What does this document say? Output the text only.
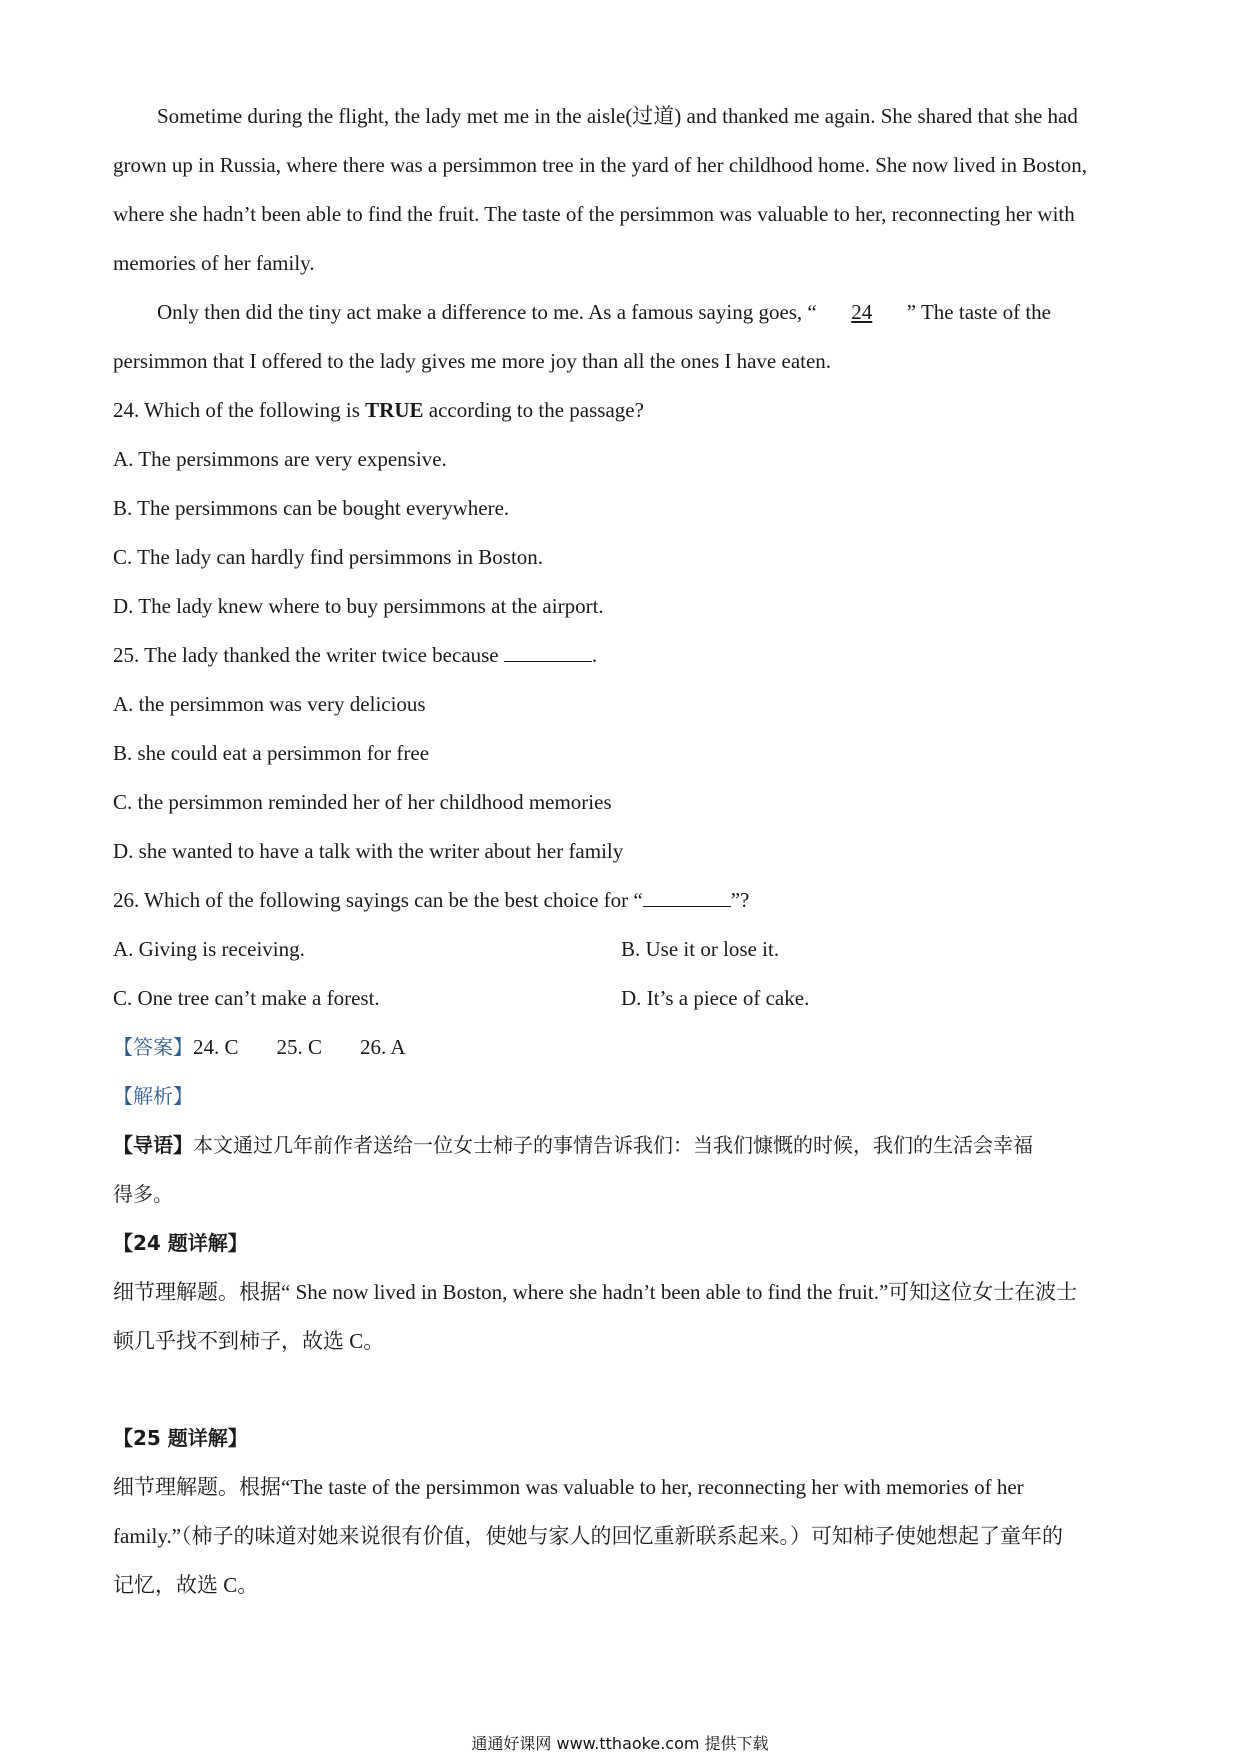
Sometime during the flight, the lady met me in the aisle(过道) and thanked me again. She shared that she had
grown up in Russia, where there was a persimmon tree in the yard of her childhood home. She now lived in Boston,
where she hadn’t been able to find the fruit. The taste of the persimmon was valuable to her, reconnecting her with
memories of her family.
Only then did the tiny act make a difference to me. As a famous saying goes, “ 24 ” The taste of the
persimmon that I offered to the lady gives me more joy than all the ones I have eaten.
24. Which of the following is TRUE according to the passage?
A. The persimmons are very expensive.
B. The persimmons can be bought everywhere.
C. The lady can hardly find persimmons in Boston.
D. The lady knew where to buy persimmons at the airport.
25. The lady thanked the writer twice because	.
A. the persimmon was very delicious
B. she could eat a persimmon for free
C. the persimmon reminded her of her childhood memories
D. she wanted to have a talk with the writer about her family
26. Which of the following sayings can be the best choice for “	”?
A. Giving is receiving.	B. Use it or lose it.
C. One tree can’t make a forest.	D. It’s a piece of cake.
【答案】24. C 25. C 26. A
【解析】
【导语】本文通过几年前作者送给一位女士柿子的事情告诉我们：当我们慷慨的时候，我们的生活会幸福
得多。
【24 题详解】
细节理解题。根据“ She now lived in Boston, where she hadn’t been able to find the fruit.”可知这位女士在波士
顿几乎找不到柿子，故选 C。
【25 题详解】
细节理解题。根据“The taste of the persimmon was valuable to her, reconnecting her with memories of her
family.”（柿子的味道对她来说很有价值，使她与家人的回忆重新联系起来。）可知柿子使她想起了童年的
记忆，故选 C。
通通好课网 www.tthaoke.com 提供下载
